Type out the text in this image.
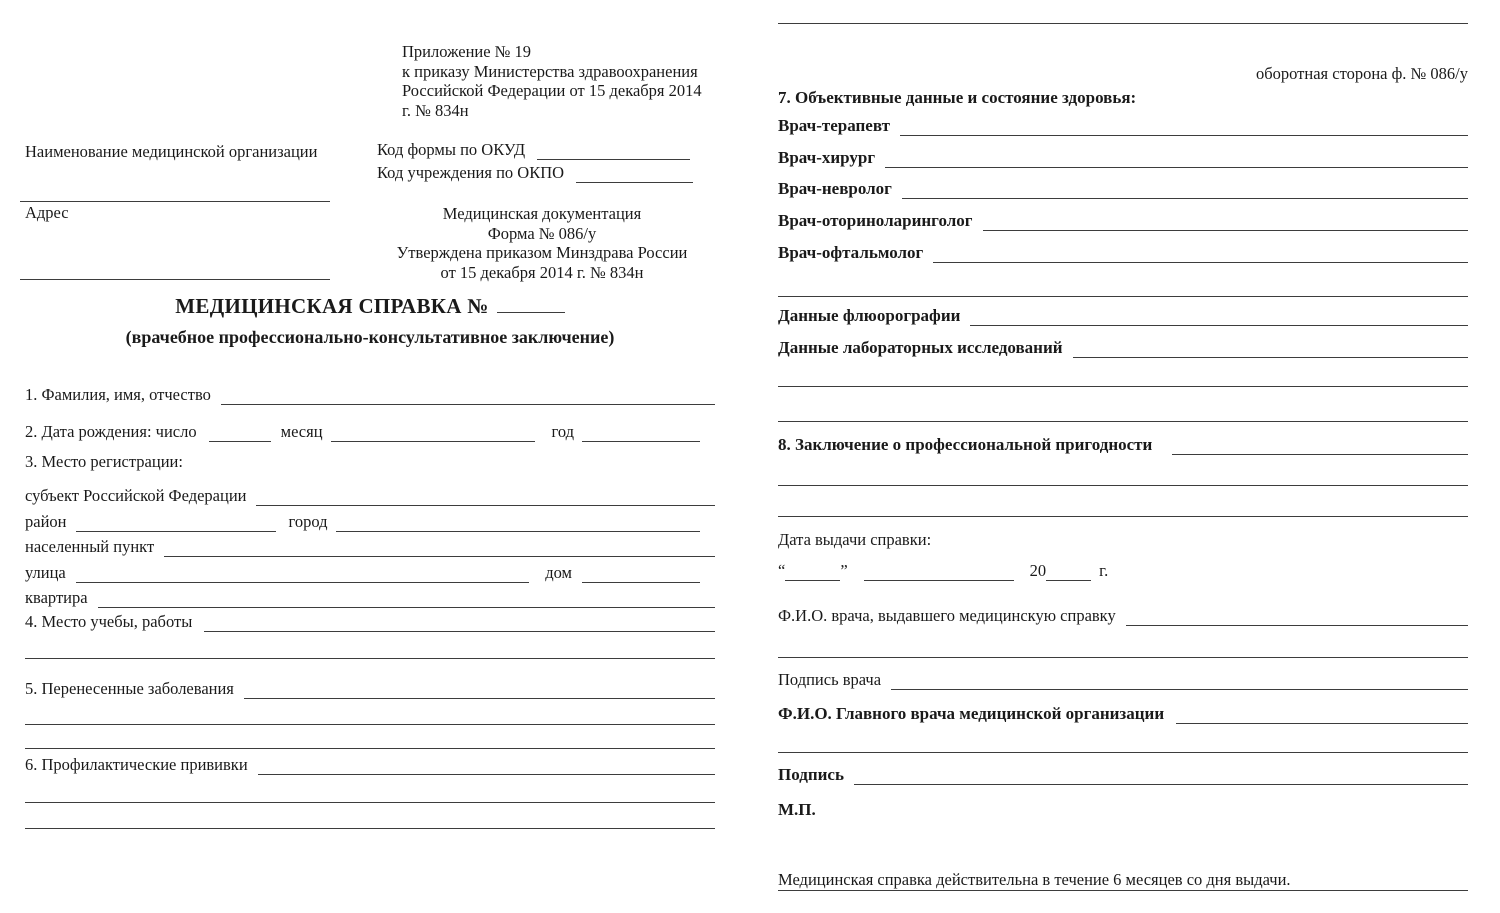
Приложение № 19
к приказу Министерства здравоохранения
Российской Федерации от 15 декабря 2014
г. № 834н
Наименование медицинской организации	Код формы по ОКУД
Код учреждения по ОКПО
Адрес	Медицинская документация
Форма № 086/у
Утверждена приказом Минздрава России
от 15 декабря 2014 г. № 834н
МЕДИЦИНСКАЯ СПРАВКА №
(врачебное профессионально-консультативное заключение)
1. Фамилия, имя, отчество
2. Дата рождения: число	месяц	год
3. Место регистрации:
субъект Российской Федерации
район	город
населенный пункт
улица	дом
квартира
4. Место учебы, работы
5. Перенесенные заболевания
6. Профилактические прививки
оборотная сторона ф. № 086/у
7. Объективные данные и состояние здоровья:
Врач-терапевт
Врач-хирург
Врач-невролог
Врач-оториноларинголог
Врач-офтальмолог
Данные флюорографии
Данные лабораторных исследований
8. Заключение о профессиональной пригодности
Дата выдачи справки:
“	”	20	г.
Ф.И.О. врача, выдавшего медицинскую справку
Подпись врача
Ф.И.О. Главного врача медицинской организации
Подпись
М.П.
Медицинская справка действительна в течение 6 месяцев со дня выдачи.
